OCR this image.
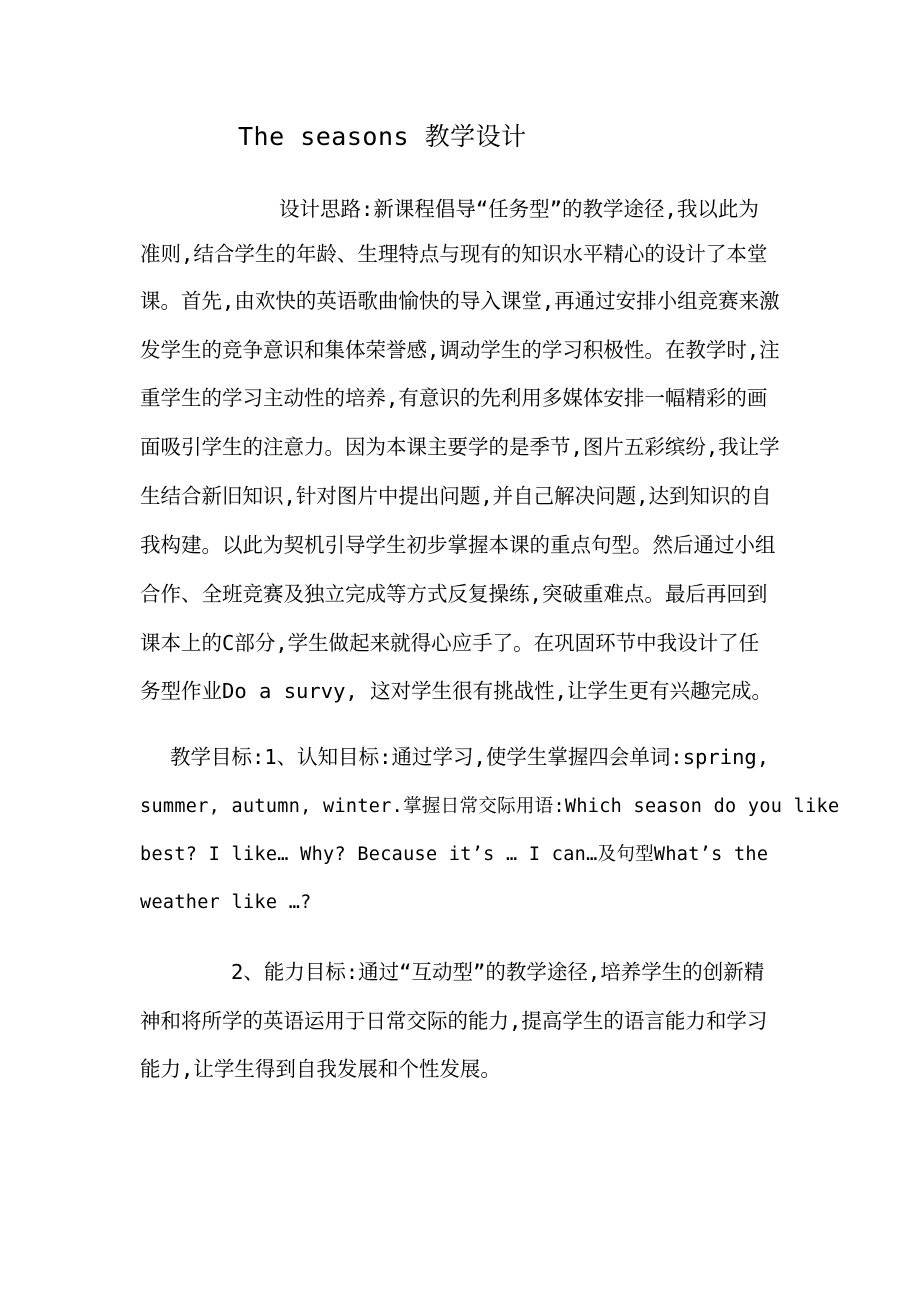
The seasons 教学设计
设计思路:新课程倡导“任务型”的教学途径,我以此为
准则,结合学生的年龄、生理特点与现有的知识水平精心的设计了本堂
课。首先,由欢快的英语歌曲愉快的导入课堂,再通过安排小组竞赛来激
发学生的竞争意识和集体荣誉感,调动学生的学习积极性。在教学时,注
重学生的学习主动性的培养,有意识的先利用多媒体安排一幅精彩的画
面吸引学生的注意力。因为本课主要学的是季节,图片五彩缤纷,我让学
生结合新旧知识,针对图片中提出问题,并自己解决问题,达到知识的自
我构建。以此为契机引导学生初步掌握本课的重点句型。然后通过小组
合作、全班竞赛及独立完成等方式反复操练,突破重难点。最后再回到
课本上的C部分,学生做起来就得心应手了。在巩固环节中我设计了任
务型作业Do a survy, 这对学生很有挑战性,让学生更有兴趣完成。
教学目标:1、认知目标:通过学习,使学生掌握四会单词:spring,
summer, autumn, winter.掌握日常交际用语:Which season do you like
best? I like… Why? Because it’s … I can…及句型What’s the
weather like …?
2、能力目标:通过“互动型”的教学途径,培养学生的创新精
神和将所学的英语运用于日常交际的能力,提高学生的语言能力和学习
能力,让学生得到自我发展和个性发展。
